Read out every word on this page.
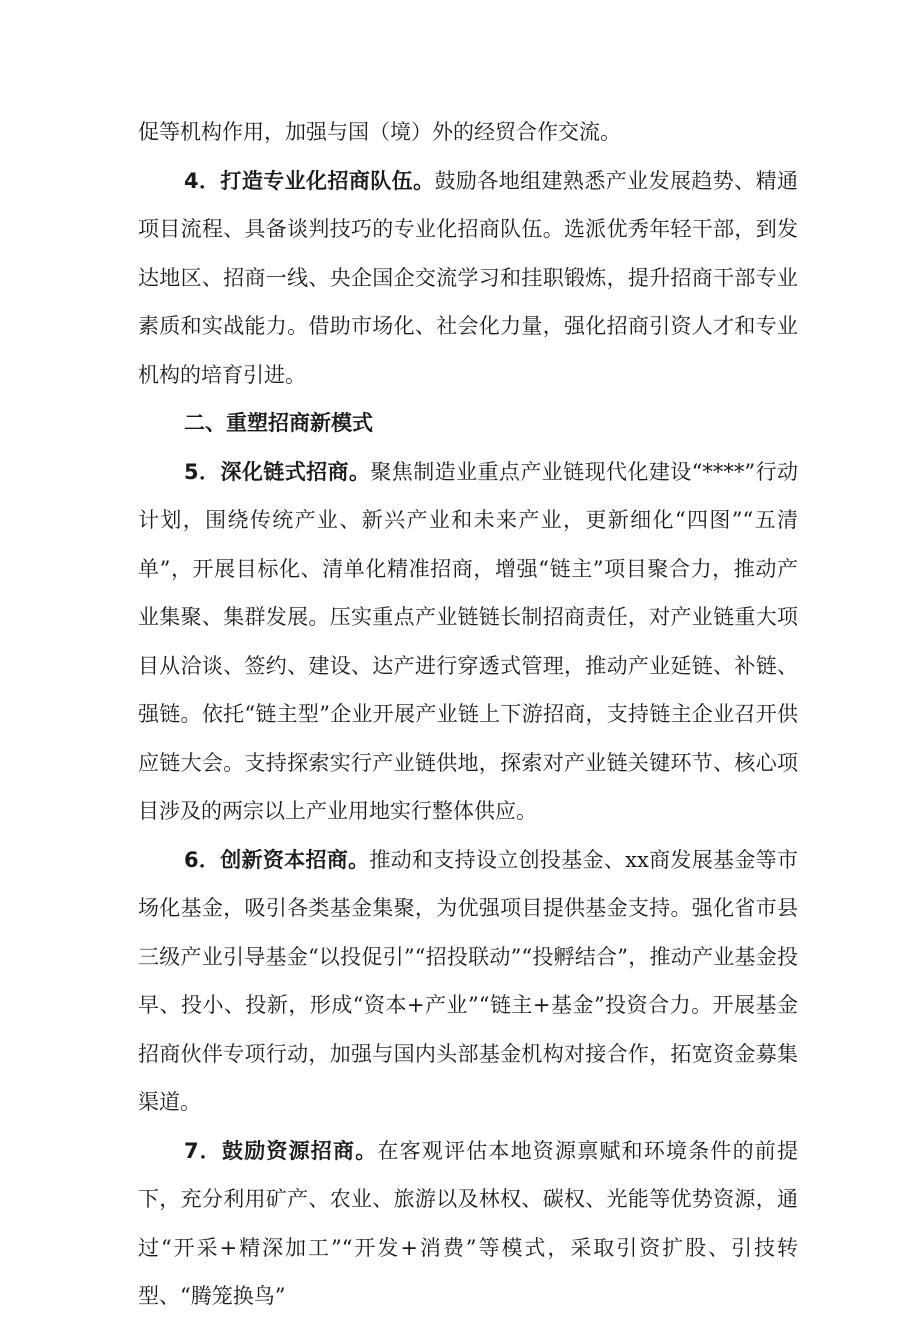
促等机构作用，加强与国（境）外的经贸合作交流。

4．打造专业化招商队伍。鼓励各地组建熟悉产业发展趋势、精通项目流程、具备谈判技巧的专业化招商队伍。选派优秀年轻干部，到发达地区、招商一线、央企国企交流学习和挂职锻炼，提升招商干部专业素质和实战能力。借助市场化、社会化力量，强化招商引资人才和专业机构的培育引进。

二、重塑招商新模式

5．深化链式招商。聚焦制造业重点产业链现代化建设“****”行动计划，围绕传统产业、新兴产业和未来产业，更新细化“四图”“五清单”，开展目标化、清单化精准招商，增强“链主”项目聚合力，推动产业集聚、集群发展。压实重点产业链链长制招商责任，对产业链重大项目从洽谈、签约、建设、达产进行穿透式管理，推动产业延链、补链、强链。依托“链主型”企业开展产业链上下游招商，支持链主企业召开供应链大会。支持探索实行产业链供地，探索对产业链关键环节、核心项目涉及的两宗以上产业用地实行整体供应。

6．创新资本招商。推动和支持设立创投基金、xx商发展基金等市场化基金，吸引各类基金集聚，为优强项目提供基金支持。强化省市县三级产业引导基金“以投促引”“招投联动”“投孵结合”，推动产业基金投早、投小、投新，形成“资本+产业”“链主+基金”投资合力。开展基金招商伙伴专项行动，加强与国内头部基金机构对接合作，拓宽资金募集渠道。

7．鼓励资源招商。在客观评估本地资源禀赋和环境条件的前提下，充分利用矿产、农业、旅游以及林权、碳权、光能等优势资源，通过“开采+精深加工”“开发+消费”等模式，采取引资扩股、引技转型、“腾笼换鸟”
